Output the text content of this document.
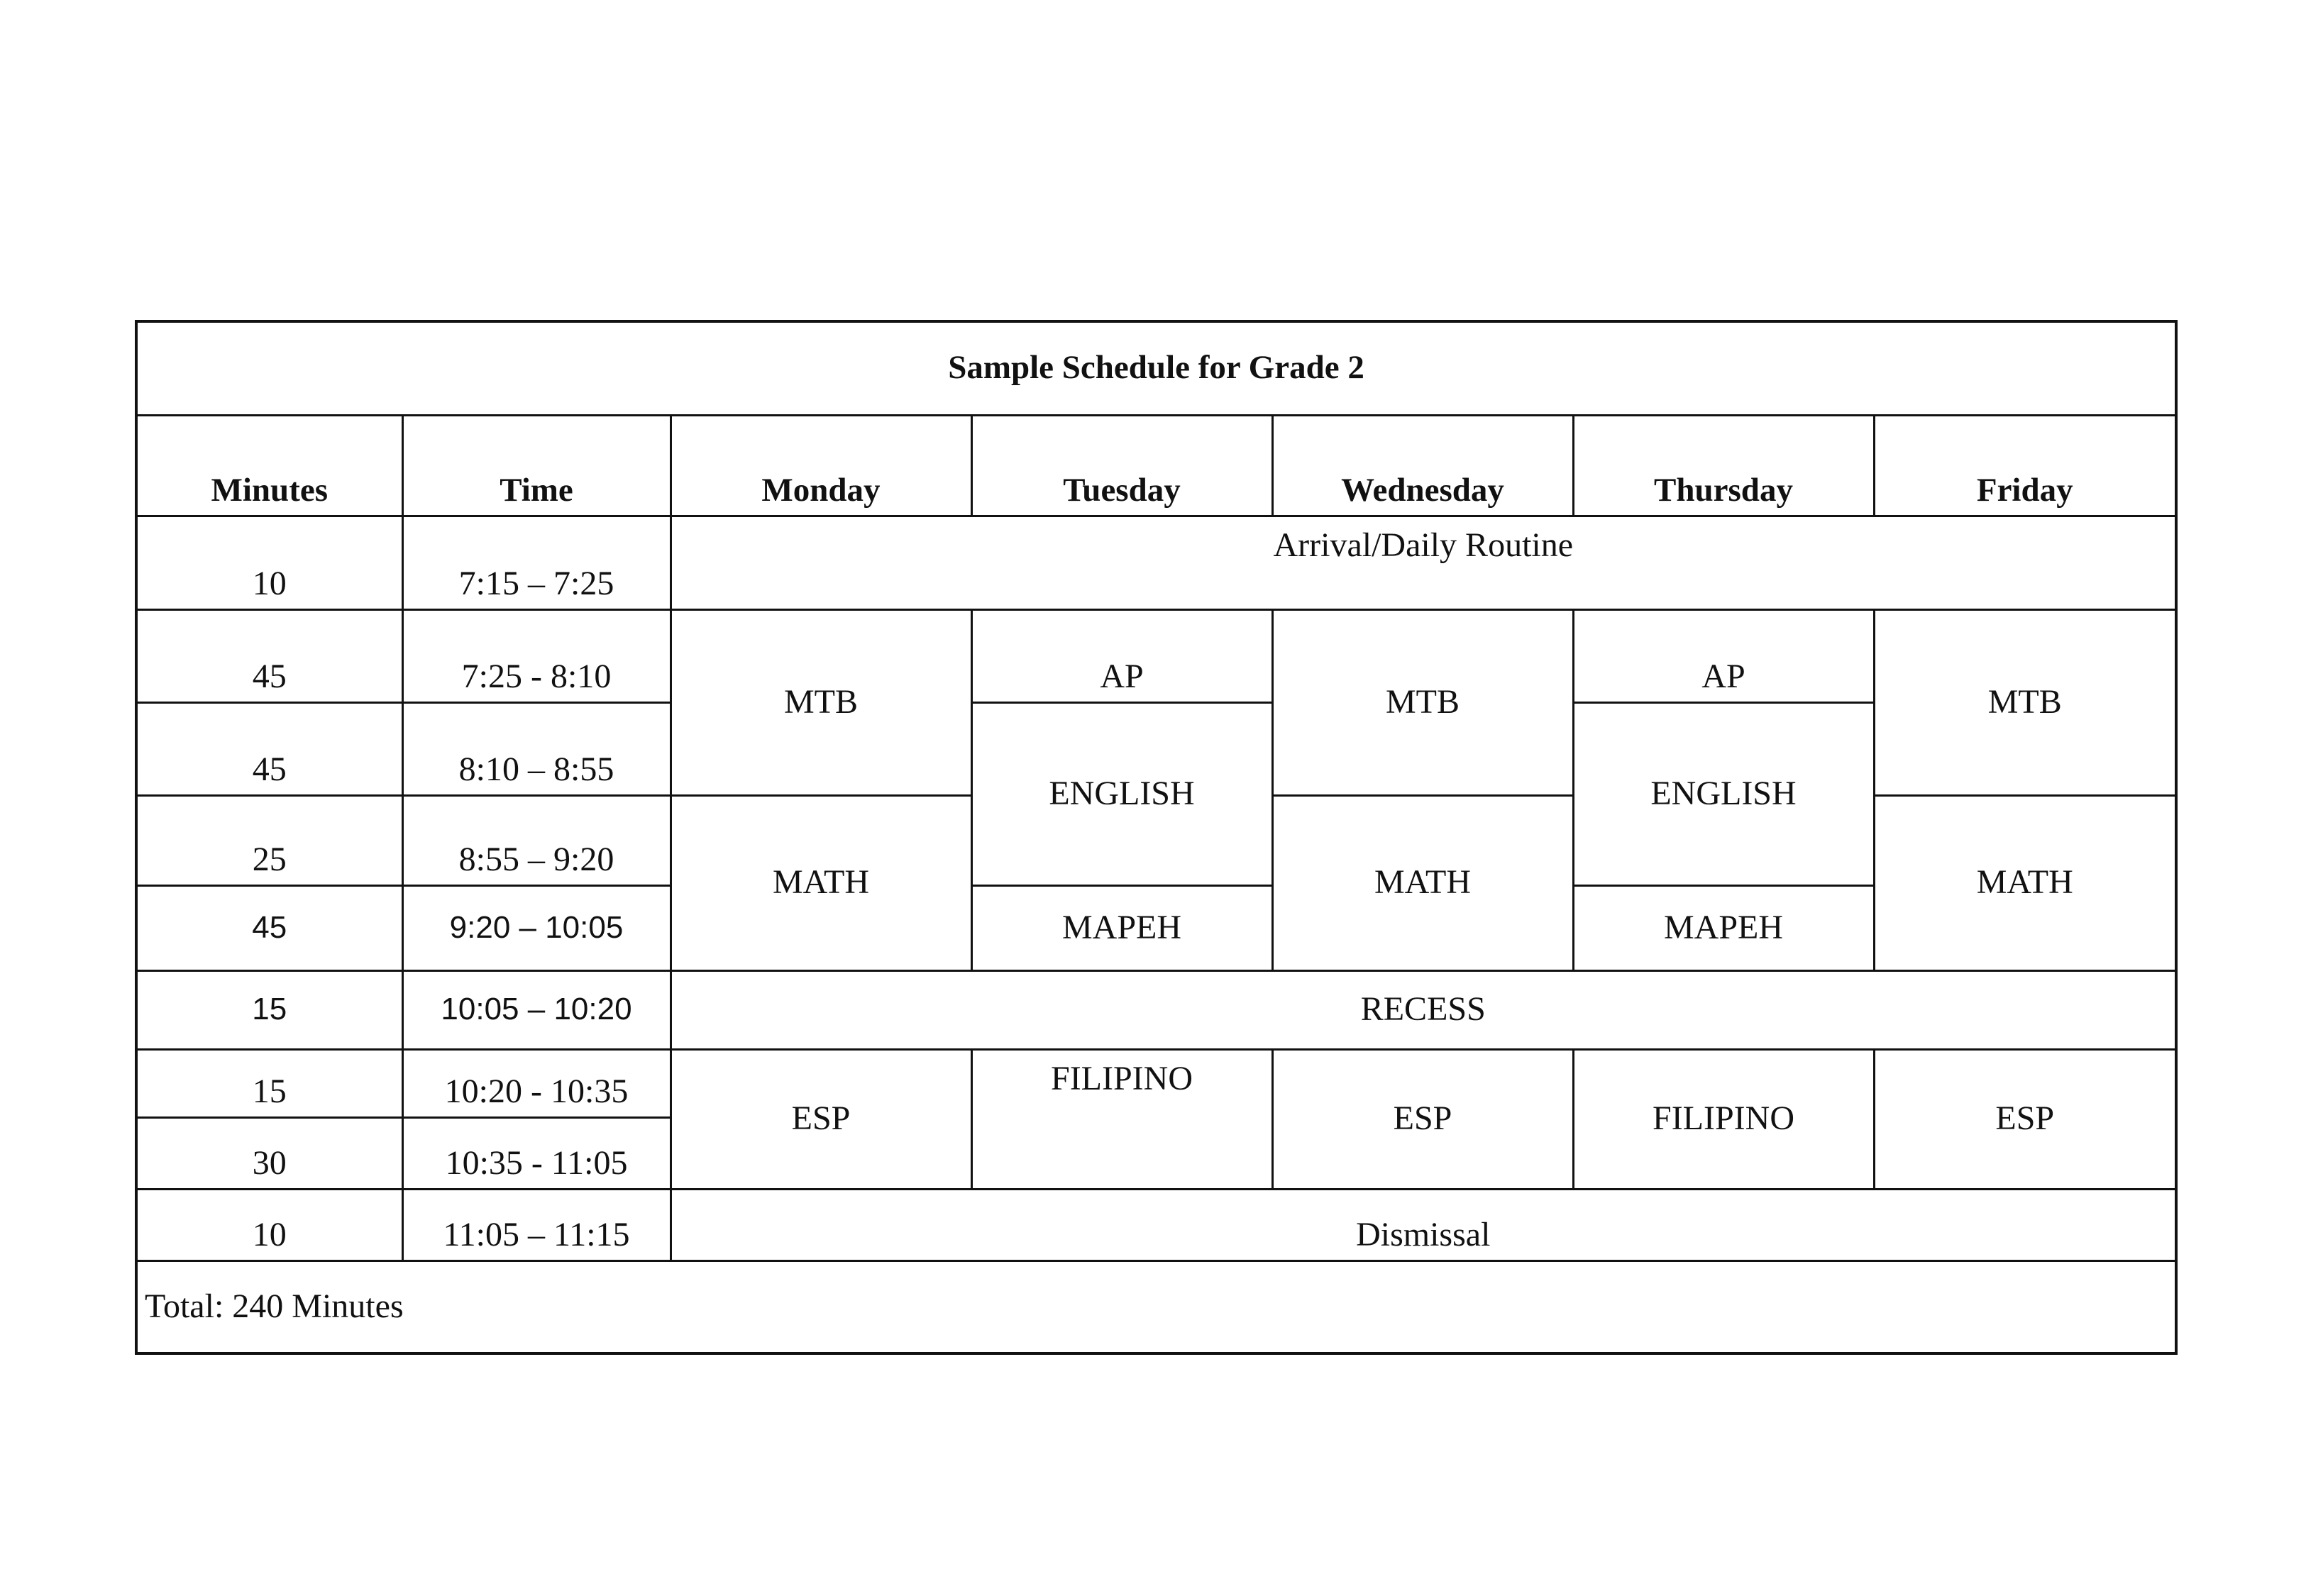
Sample Schedule for Grade 2						
Minutes	Time	Monday	Tuesday	Wednesday	Thursday	Friday
10	7:15 – 7:25	Arrival/Daily Routine				
45	7:25 - 8:10	MTB	AP	MTB	AP	MTB
45	8:10 – 8:55		ENGLISH		ENGLISH	
25	8:55 – 9:20	MATH		MATH		MATH
45	9:20 – 10:05		MAPEH		MAPEH	
15	10:05 – 10:20	RECESS				
15	10:20 - 10:35	ESP	FILIPINO	ESP	FILIPINO	ESP
30	10:35 - 11:05					
10	11:05 – 11:15	Dismissal				
Total: 240 Minutes						
